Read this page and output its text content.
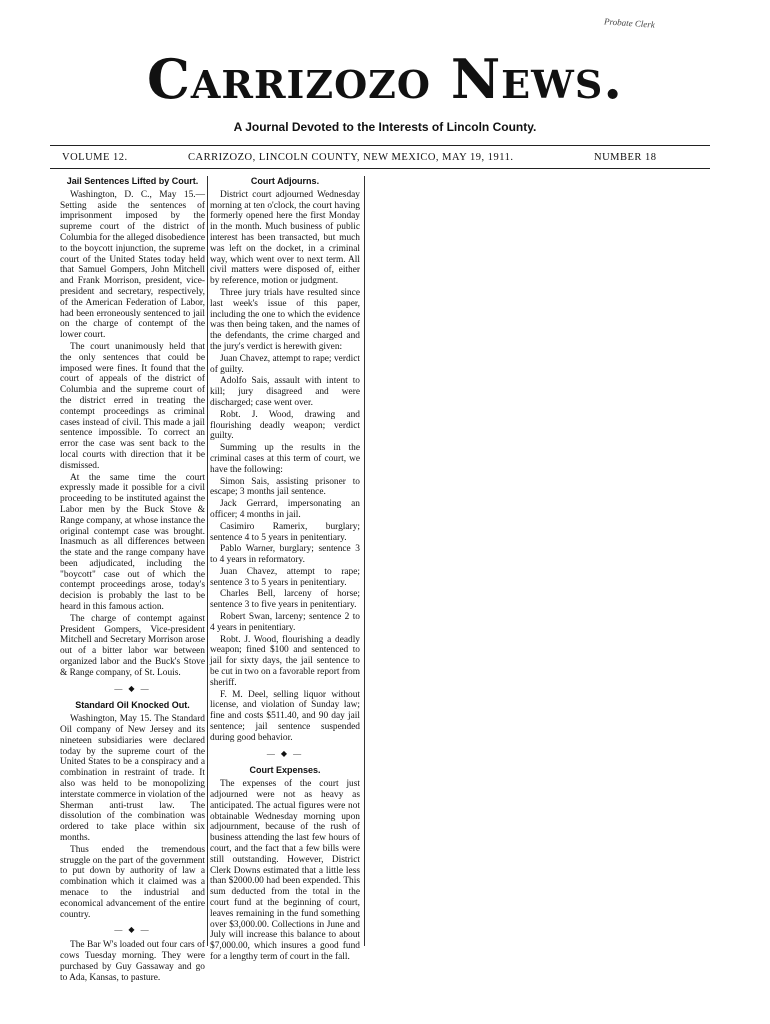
Probate Clerk
Carrizozo News.
A Journal Devoted to the Interests of Lincoln County.
VOLUME 12.	CARRIZOZO, LINCOLN COUNTY, NEW MEXICO, MAY 19, 1911.	NUMBER 18
Jail Sentences Lifted by Court.

Washington, D. C., May 15.—Setting aside the sentences of imprisonment imposed by the supreme court of the district of Columbia for the alleged disobedience to the boycott injunction, the supreme court of the United States today held that Samuel Gompers, John Mitchell and Frank Morrison, president, vice-president and secretary, respectively, of the American Federation of Labor, had been erroneously sentenced to jail on the charge of contempt of the lower court.

The court unanimously held that the only sentences that could be imposed were fines. It found that the court of appeals of the district of Columbia and the supreme court of the district erred in treating the contempt proceedings as criminal cases instead of civil. This made a jail sentence impossible. To correct an error the case was sent back to the local courts with direction that it be dismissed.

At the same time the court expressly made it possible for a civil proceeding to be instituted against the Labor men by the Buck Stove & Range company, at whose instance the original contempt case was brought. Inasmuch as all differences between the state and the range company have been adjudicated, including the "boycott" case out of which the contempt proceedings arose, today's decision is probably the last to be heard in this famous action.

The charge of contempt against President Gompers, Vice-president Mitchell and Secretary Morrison arose out of a bitter labor war between organized labor and the Buck's Stove & Range company, of St. Louis.

— ◆ —
Standard Oil Knocked Out.

Washington, May 15. The Standard Oil company of New Jersey and its nineteen subsidiaries were declared today by the supreme court of the United States to be a conspiracy and a combination in restraint of trade. It also was held to be monopolizing interstate commerce in violation of the Sherman anti-trust law. The dissolution of the combination was ordered to take place within six months.

Thus ended the tremendous struggle on the part of the government to put down by authority of law a combination which it claimed was a menace to the industrial and economical advancement of the entire country.

— ◆ —

The Bar W's loaded out four cars of cows Tuesday morning. They were purchased by Guy Gassaway and go to Ada, Kansas, to pasture.

Court Adjourns.

District court adjourned Wednesday morning at ten o'clock, the court having formerly opened here the first Monday in the month. Much business of public interest has been transacted, but much was left on the docket, in a criminal way, which went over to next term. All civil matters were disposed of, either by reference, motion or judgment.

Three jury trials have resulted since last week's issue of this paper, including the one to which the evidence was then being taken, and the names of the defendants, the crime charged and the jury's verdict is herewith given:

Juan Chavez, attempt to rape; verdict of guilty.

Adolfo Sais, assault with intent to kill; jury disagreed and were discharged; case went over.

Robt. J. Wood, drawing and flourishing deadly weapon; verdict guilty.

Summing up the results in the criminal cases at this term of court, we have the following:

Simon Sais, assisting prisoner to escape; 3 months jail sentence.

Jack Gerrard, impersonating an officer; 4 months in jail.

Casimiro Ramerix, burglary; sentence 4 to 5 years in penitentiary.

Pablo Warner, burglary; sentence 3 to 4 years in reformatory.

Juan Chavez, attempt to rape; sentence 3 to 5 years in penitentiary.

Charles Bell, larceny of horse; sentence 3 to five years in penitentiary.

Robert Swan, larceny; sentence 2 to 4 years in penitentiary.

Robt. J. Wood, flourishing a deadly weapon; fined $100 and sentenced to jail for sixty days, the jail sentence to be cut in two on a favorable report from sheriff.

F. M. Deel, selling liquor without license, and violation of Sunday law; fine and costs $511.40, and 90 day jail sentence; jail sentence suspended during good behavior.

— ◆ —
Court Expenses.

The expenses of the court just adjourned were not as heavy as anticipated. The actual figures were not obtainable Wednesday morning upon adjournment, because of the rush of business attending the last few hours of court, and the fact that a few bills were still outstanding. However, District Clerk Downs estimated that a little less than $2000.00 had been expended. This sum deducted from the total in the court fund at the beginning of court, leaves remaining in the fund something over $3,000.00. Collections in June and July will increase this balance to about $7,000.00, which insures a good fund for a lengthy term of court in the fall.
